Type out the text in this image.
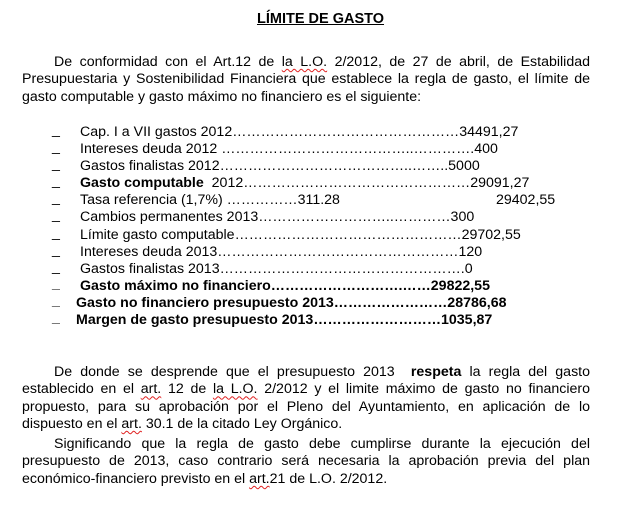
LÍMITE DE GASTO
De conformidad con el Art.12 de la L.O. 2/2012, de 27 de abril, de Estabilidad Presupuestaria y Sostenibilidad Financiera que establece la regla de gasto, el límite de gasto computable y gasto máximo no financiero es el siguiente:
_ Cap. I a VII gastos 2012…………………………………………34491,27
_ Intereses deuda 2012 …………………………………..………….400
_ Gastos finalistas 2012…………………………………..……..5000
_ Gasto computable  2012…………………………………………29091,27
_ Tasa referencia (1,7%) ……………311.28	29402,55
_ Cambios permanentes 2013………………………..…………300
_ Límite gasto computable…………………………………………29702,55
_ Intereses deuda 2013……………………………………………120
_ Gastos finalistas 2013…………………………………………….0
_ Gasto máximo no financiero……………………….……29822,55
_ Gasto no financiero presupuesto 2013……………………28786,68
_ Margen de gasto presupuesto 2013………………………1035,87
De donde se desprende que el presupuesto 2013  respeta la regla del gasto establecido en el art. 12 de la L.O. 2/2012 y el limite máximo de gasto no financiero propuesto, para su aprobación por el Pleno del Ayuntamiento, en aplicación de lo dispuesto en el art. 30.1 de la citado Ley Orgánico.
Significando que la regla de gasto debe cumplirse durante la ejecución del presupuesto de 2013, caso contrario será necesaria la aprobación previa del plan económico-financiero previsto en el art.21 de L.O. 2/2012.
